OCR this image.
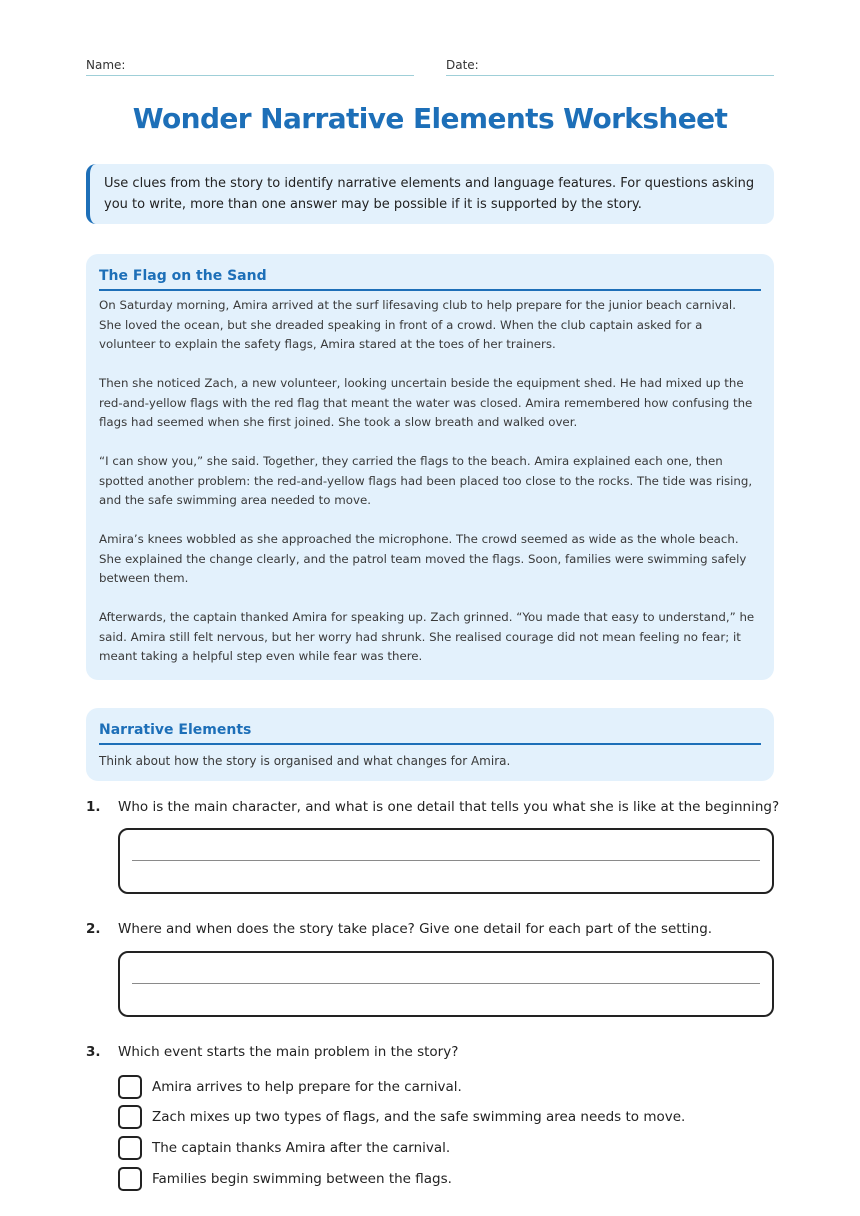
Name:	Date:
Wonder Narrative Elements Worksheet

Use clues from the story to identify narrative elements and language features. For questions asking you to write, more than one answer may be possible if it is supported by the story.

The Flag on the Sand

On Saturday morning, Amira arrived at the surf lifesaving club to help prepare for the junior beach carnival. She loved the ocean, but she dreaded speaking in front of a crowd. When the club captain asked for a volunteer to explain the safety flags, Amira stared at the toes of her trainers.

Then she noticed Zach, a new volunteer, looking uncertain beside the equipment shed. He had mixed up the red-and-yellow flags with the red flag that meant the water was closed. Amira remembered how confusing the flags had seemed when she first joined. She took a slow breath and walked over.

“I can show you,” she said. Together, they carried the flags to the beach. Amira explained each one, then spotted another problem: the red-and-yellow flags had been placed too close to the rocks. The tide was rising, and the safe swimming area needed to move.

Amira’s knees wobbled as she approached the microphone. The crowd seemed as wide as the whole beach. She explained the change clearly, and the patrol team moved the flags. Soon, families were swimming safely between them.

Afterwards, the captain thanked Amira for speaking up. Zach grinned. “You made that easy to understand,” he said. Amira still felt nervous, but her worry had shrunk. She realised courage did not mean feeling no fear; it meant taking a helpful step even while fear was there.

Narrative Elements

Think about how the story is organised and what changes for Amira.

1. Who is the main character, and what is one detail that tells you what she is like at the beginning?
2. Where and when does the story take place? Give one detail for each part of the setting.
3. Which event starts the main problem in the story?
Amira arrives to help prepare for the carnival.
Zach mixes up two types of flags, and the safe swimming area needs to move.
The captain thanks Amira after the carnival.
Families begin swimming between the flags.
